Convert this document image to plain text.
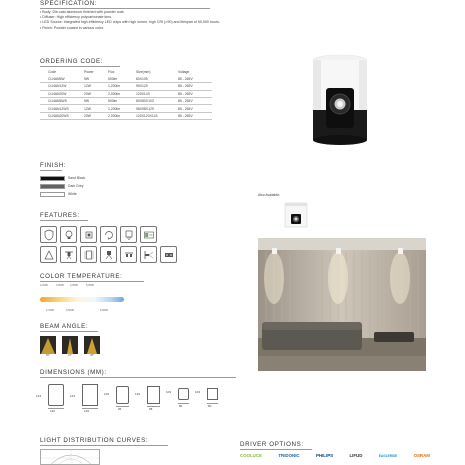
SPECIFICATION:
• Body: Die-cast aluminum finished with powder coat.
• Diffuser: High efficiency polycarbonate lens.
• LED Source: Integrated high-efficiency LED chips with high lumen, high CRI (>90) and lifespan of 50,000 hours.
• Finish: Powder coated in various color.
ORDERING CODE:
Code	Power	Flux	Size(mm)	Voltage
CLNAN5W	5W	500lm	80X105	85 - 265V
CLNAN12W	12W	1,200lm	95X129	85 - 265V
CLNAN20W	20W	2,000lm	120X143	85 - 265V
CLNAN5WS	5W	500lm	80X80X103	85 - 265V
CLNAN12WS	12W	1,200lm	98X98X129	85 - 265V
CLNAN20WS	20W	2,000lm	120X120X143	85 - 265V
FINISH:
Sand Black
Dark Grey
White	Also Available:
FEATURES:
COLOR TEMPERATURE:
2,200K	3,000K 4,000K	5,000K
2,700K	3,500K	6,500K
BEAM ANGLE:
50°	24°	38°
DIMENSIONS (MM):
143
120
143
120
129
95
129
98
103
80
103
80
LIGHT DISTRIBUTION CURVES:
DRIVER OPTIONS:
COOLUCE	TRIDONIC	PHILIPS	LIFUD	EAGLERISE	OSRAM
